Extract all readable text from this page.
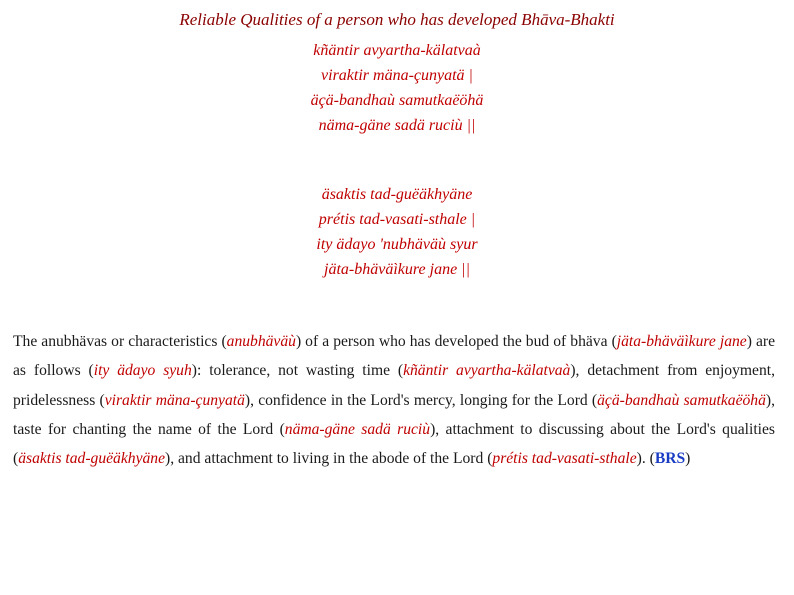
Reliable Qualities of a person who has developed Bhāva-Bhakti
kñäntir avyartha-kälatvaà
viraktir mäna-çunyatä |
äçä-bandhaù samutkaëöhä
näma-gäne sadä ruciù ||
äsaktis tad-guëäkhyäne
prétis tad-vasati-sthale |
ity ädayo 'nubhäväù syur
jäta-bhäväìkure jane ||
The anubhävas or characteristics (anubhäväù) of a person who has developed the bud of bhäva (jäta-bhäväìkure jane) are as follows (ity ädayo syuh): tolerance, not wasting time (kñäntir avyartha-kälatvaà), detachment from enjoyment, pridelessness (viraktir mäna-çunyatä), confidence in the Lord's mercy, longing for the Lord (äçä-bandhaù samutkaëöhä), taste for chanting the name of the Lord (näma-gäne sadä ruciù), attachment to discussing about the Lord's qualities (äsaktis tad-guëäkhyäne), and attachment to living in the abode of the Lord (prétis tad-vasati-sthale). (BRS)
